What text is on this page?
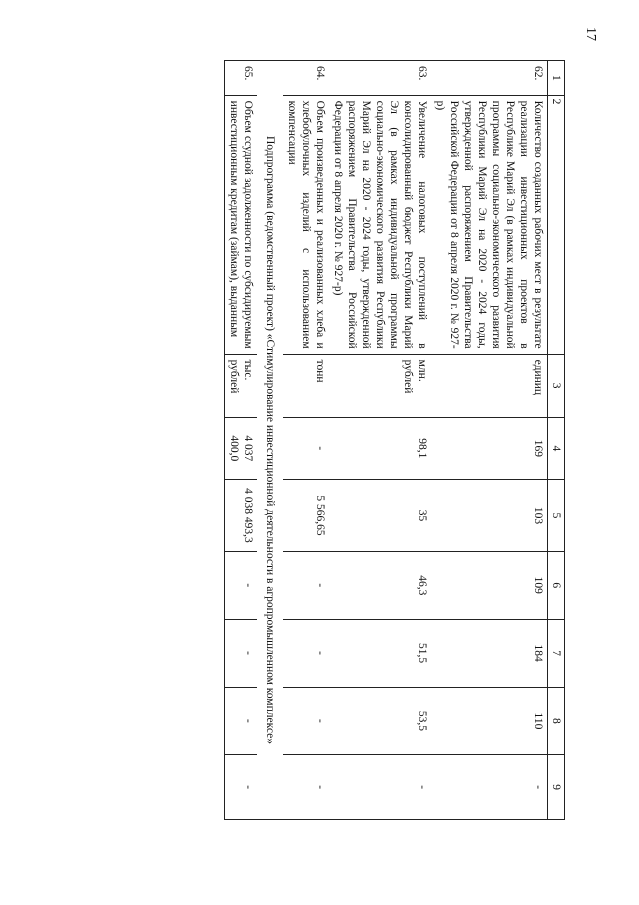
17
1	2	3	4	5	6	7	8	9
62.	Количество созданных рабочих мест в результате реализации инвестиционных проектов в Республике Марий Эл (в рамках индивидуальной программы социально-экономического развития Республики Марий Эл на 2020 - 2024 годы, утвержденной распоряжением Правительства Российской Федерации от 8 апреля 2020 г. № 927-р)	единиц	169	103	109	184	110	-
63.	Увеличение налоговых поступлений в консолидированный бюджет Республики Марий Эл (в рамках индивидуальной программы социально-экономического развития Республики Марий Эл на 2020 - 2024 годы, утвержденной распоряжением Правительства Российской Федерации от 8 апреля 2020 г. № 927-р)	млн. рублей	98,1	35	46,3	51,5	53,5	-
64.	Объем произведенных и реализованных хлеба и хлебобулочных изделий с использованием компенсации	тонн	-	5 566,65	-	-	-	-
Подпрограмма (ведомственный проект) «Стимулирование инвестиционной деятельности в агропромышленном комплексе»								
65.	Объем ссудной задолженности по субсидируемым инвестиционным кредитам (займам), выданным	тыс. рублей	4 037 400,0	4 038 493,3	-	-	-	-
